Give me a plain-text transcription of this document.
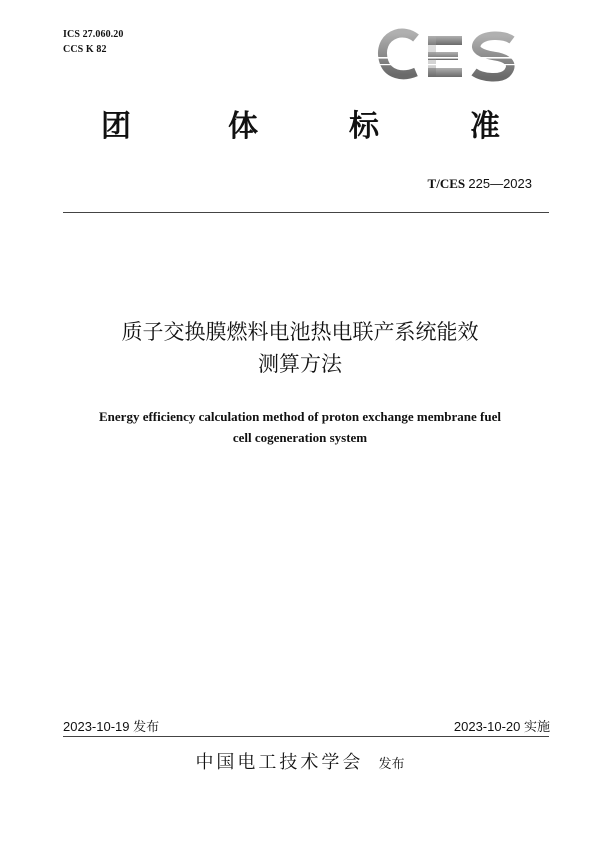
ICS 27.060.20
CCS K 82
团	体	标	准
T/CES 225—2023
质子交换膜燃料电池热电联产系统能效
测算方法
Energy efficiency calculation method of proton exchange membrane fuel
cell cogeneration system
2023-10-19 发布	2023-10-20 实施
中国电工技术学会 发布
